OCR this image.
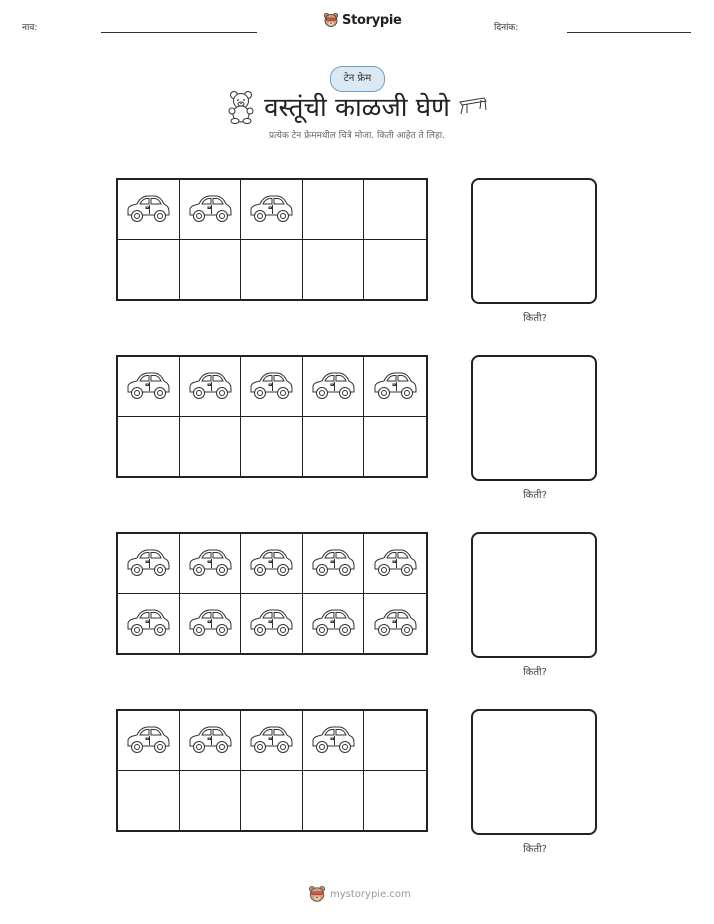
नाव:
Storypie
दिनांक:
टेन फ्रेम
वस्तूंची काळजी घेणे
प्रत्येक टेन फ्रेममधील चित्रे मोजा. किती आहेत ते लिहा.
किती?
किती?
किती?
किती?
mystorypie.com
